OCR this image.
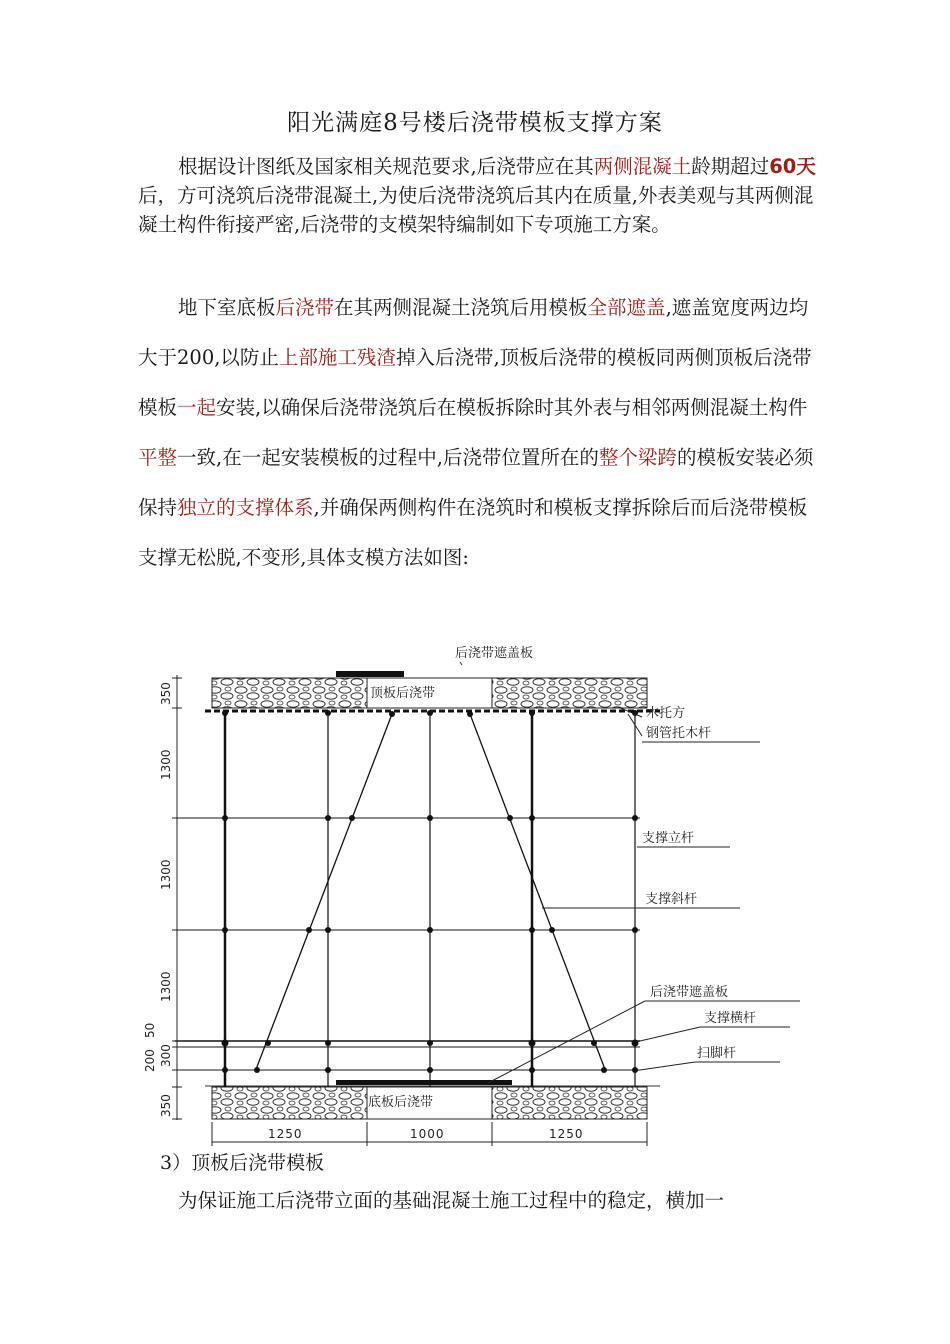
阳光满庭8号楼后浇带模板支撑方案
根据设计图纸及国家相关规范要求,后浇带应在其两侧混凝土龄期超过60天后，方可浇筑后浇带混凝土,为使后浇带浇筑后其内在质量,外表美观与其两侧混凝土构件衔接严密,后浇带的支模架特编制如下专项施工方案。
地下室底板后浇带在其两侧混凝土浇筑后用模板全部遮盖,遮盖宽度两边均大于200,以防止上部施工残渣掉入后浇带,顶板后浇带的模板同两侧顶板后浇带模板一起安装,以确保后浇带浇筑后在模板拆除时其外表与相邻两侧混凝土构件平整一致,在一起安装模板的过程中,后浇带位置所在的整个梁跨的模板安装必须保持独立的支撑体系,并确保两侧构件在浇筑时和模板支撑拆除后而后浇带模板支撑无松脱,不变形,具体支模方法如图:
后浇带遮盖板
顶板后浇带
底板后浇带
350
1300
1300
1300
50
300
200
350
1250	1000	1250
木托方
钢管托木杆
支撑立杆
支撑斜杆
后浇带遮盖板
支撑横杆
扫脚杆
3）顶板后浇带模板
为保证施工后浇带立面的基础混凝土施工过程中的稳定，横加一
